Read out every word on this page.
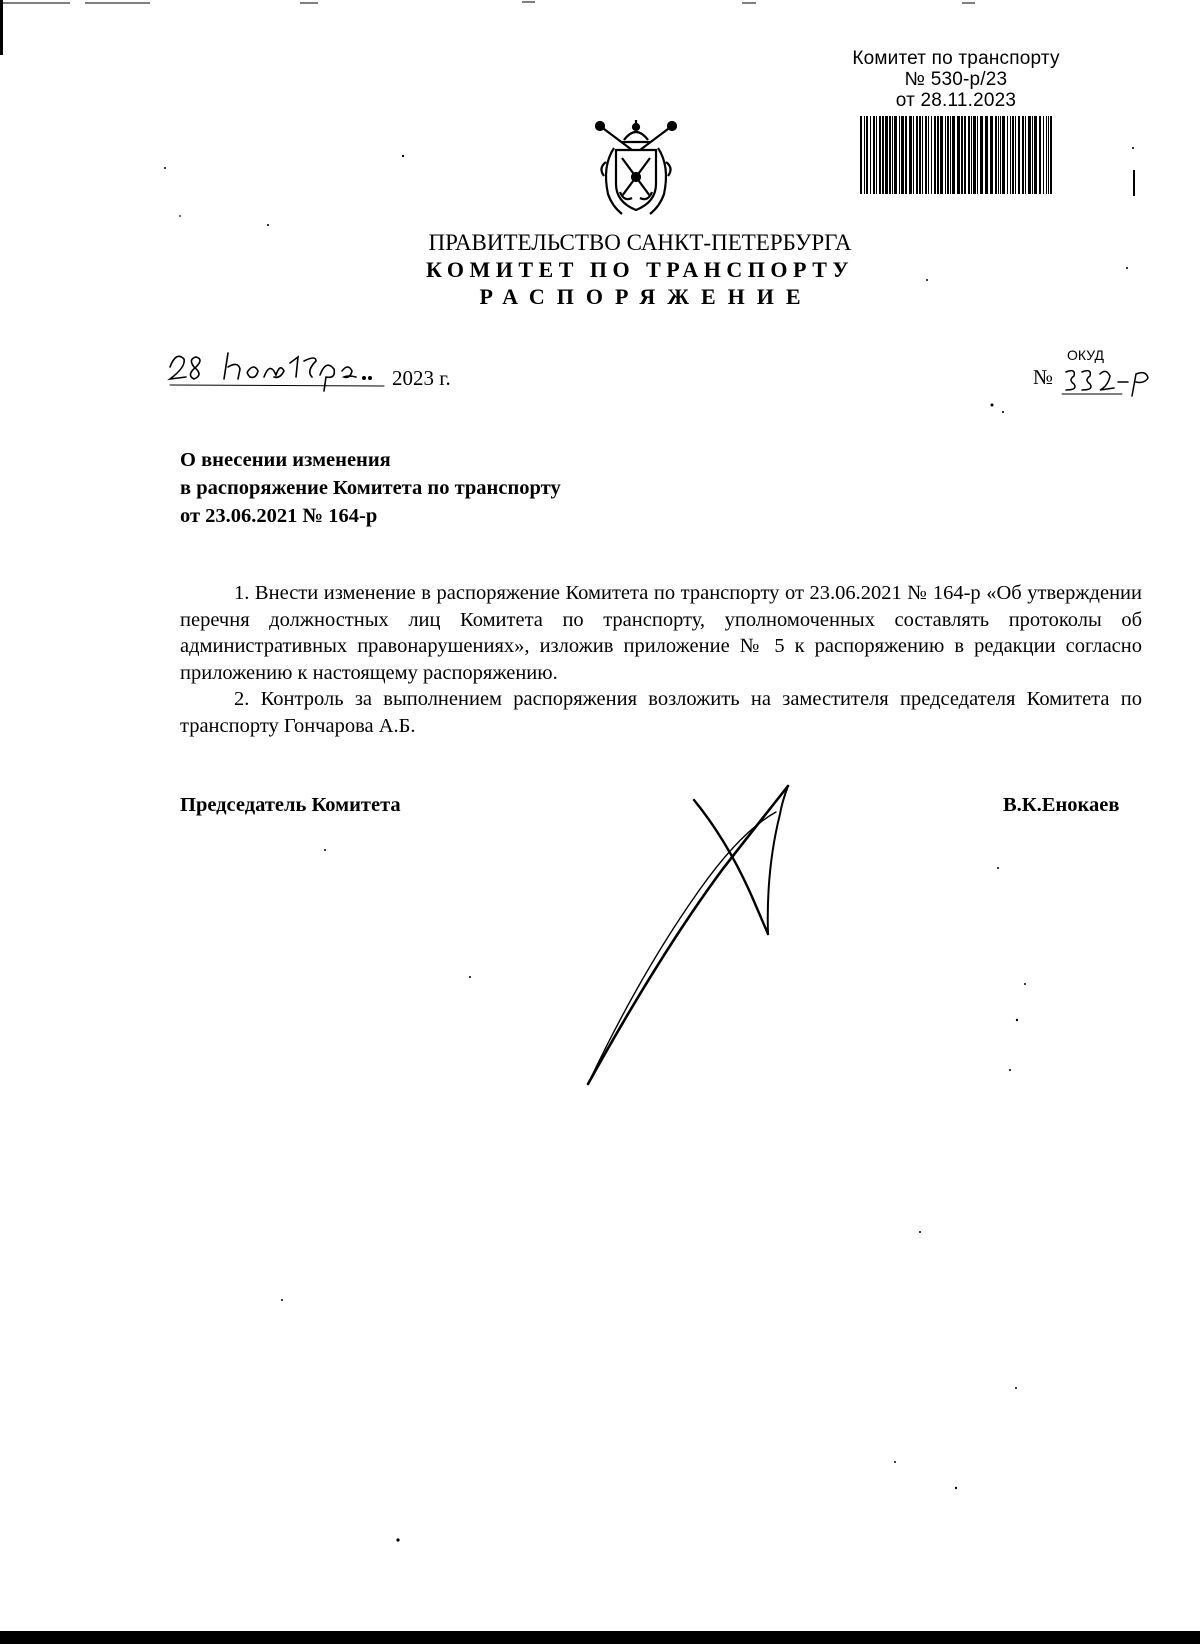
Комитет по транспорту
№ 530-р/23
от 28.11.2023
ПРАВИТЕЛЬСТВО САНКТ-ПЕТЕРБУРГА
КОМИТЕТ ПО ТРАНСПОРТУ
РАСПОРЯЖЕНИЕ
2023 г.
ОКУД
№
О внесении изменения
в распоряжение Комитета по транспорту
от 23.06.2021 № 164-р

1. Внести изменение в распоряжение Комитета по транспорту от 23.06.2021 № 164-р «Об утверждении перечня должностных лиц Комитета по транспорту, уполномоченных составлять протоколы об административных правонарушениях», изложив приложение № 5 к распоряжению в редакции согласно приложению к настоящему распоряжению.

2. Контроль за выполнением распоряжения возложить на заместителя председателя Комитета по транспорту Гончарова А.Б.

Председатель Комитета	В.К.Енокаев
